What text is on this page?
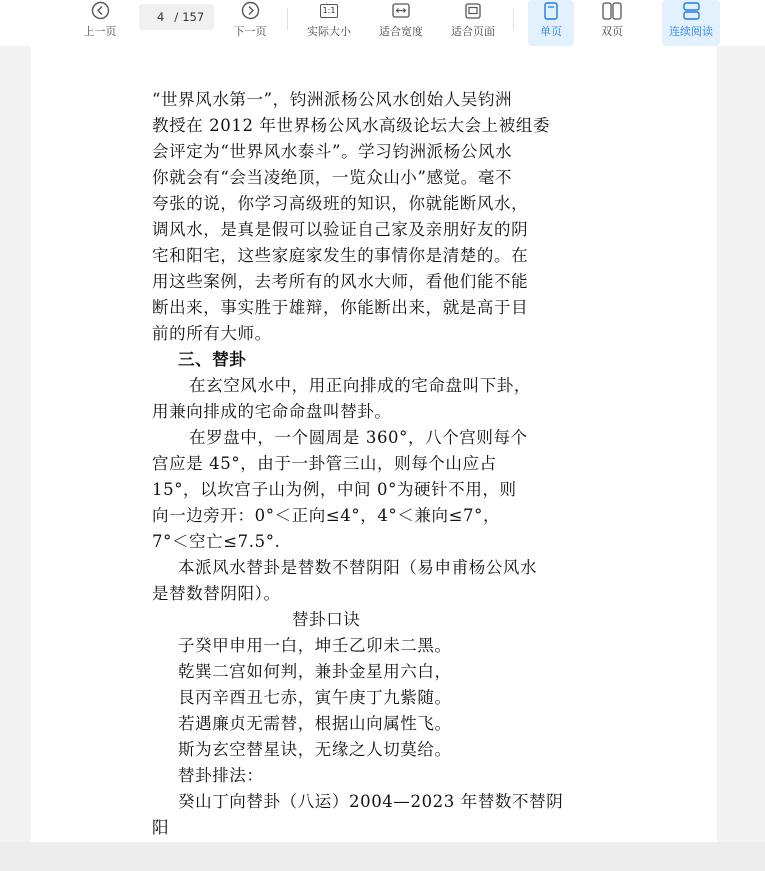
上一页
4 / 157
下一页
1:1
实际大小	适合宽度	适合页面	单页	双页	连续阅读
“世界风水第一”，钧洲派杨公风水创始人吴钧洲
教授在 2012 年世界杨公风水高级论坛大会上被组委
会评定为“世界风水泰斗”。学习钧洲派杨公风水
你就会有“会当凌绝顶，一览众山小”感觉。毫不
夸张的说，你学习高级班的知识，你就能断风水，
调风水，是真是假可以验证自己家及亲朋好友的阴
宅和阳宅，这些家庭家发生的事情你是清楚的。在
用这些案例，去考所有的风水大师，看他们能不能
断出来，事实胜于雄辩，你能断出来，就是高于目
前的所有大师。
三、替卦
在玄空风水中，用正向排成的宅命盘叫下卦，
用兼向排成的宅命命盘叫替卦。
在罗盘中，一个圆周是 360°，八个宫则每个
宫应是 45°，由于一卦管三山，则每个山应占
15°，以坎宫子山为例，中间 0°为硬针不用，则
向一边旁开：0°＜正向≤4°，4°＜兼向≤7°，
7°＜空亡≤7.5°.
本派风水替卦是替数不替阴阳（易申甫杨公风水
是替数替阴阳）。
替卦口诀
子癸甲申用一白，坤壬乙卯未二黑。
乾巽二宫如何判，兼卦金星用六白，
艮丙辛酉丑七赤，寅午庚丁九紫随。
若遇廉贞无需替，根据山向属性飞。
斯为玄空替星诀，无缘之人切莫给。
替卦排法：
癸山丁向替卦（八运）2004—2023 年替数不替阴
阳
